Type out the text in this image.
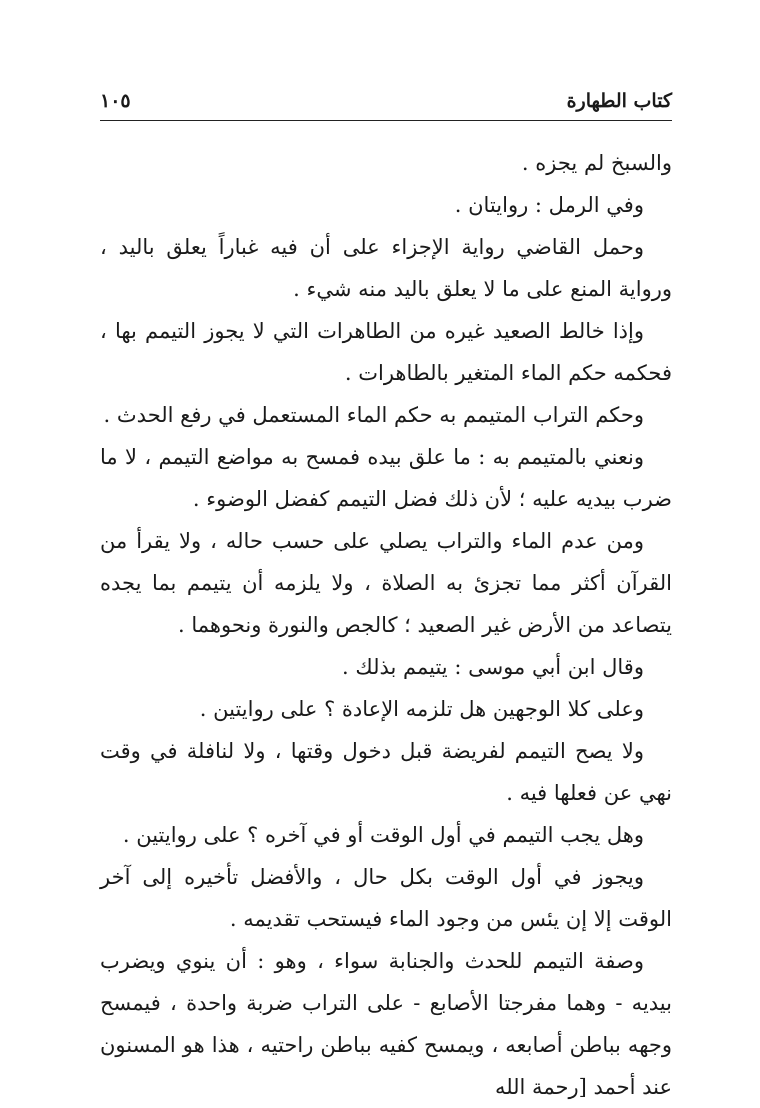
كتاب الطهارة
١٠٥

والسبخ لم يجزه .

وفي الرمل : روايتان .

وحمل القاضي رواية الإجزاء على أن فيه غباراً يعلق باليد ، ورواية المنع على ما لا يعلق باليد منه شيء .

وإذا خالط الصعيد غيره من الطاهرات التي لا يجوز التيمم بها ، فحكمه حكم الماء المتغير بالطاهرات .

وحكم التراب المتيمم به حكم الماء المستعمل في رفع الحدث .

ونعني بالمتيمم به : ما علق بيده فمسح به مواضع التيمم ، لا ما ضرب بيديه عليه ؛ لأن ذلك فضل التيمم كفضل الوضوء .

ومن عدم الماء والتراب يصلي على حسب حاله ، ولا يقرأ من القرآن أكثر مما تجزئ به الصلاة ، ولا يلزمه أن يتيمم بما يجده يتصاعد من الأرض غير الصعيد ؛ كالجص والنورة ونحوهما .

وقال ابن أبي موسى : يتيمم بذلك .

وعلى كلا الوجهين هل تلزمه الإعادة ؟ على روايتين .

ولا يصح التيمم لفريضة قبل دخول وقتها ، ولا لنافلة في وقت نهي عن فعلها فيه .

وهل يجب التيمم في أول الوقت أو في آخره ؟ على روايتين .

ويجوز في أول الوقت بكل حال ، والأفضل تأخيره إلى آخر الوقت إلا إن يئس من وجود الماء فيستحب تقديمه .

وصفة التيمم للحدث والجنابة سواء ، وهو : أن ينوي ويضرب بيديه - وهما مفرجتا الأصابع - على التراب ضربة واحدة ، فيمسح وجهه بباطن أصابعه ، ويمسح كفيه بباطن راحتيه ، هذا هو المسنون عند أحمد [رحمة الله
